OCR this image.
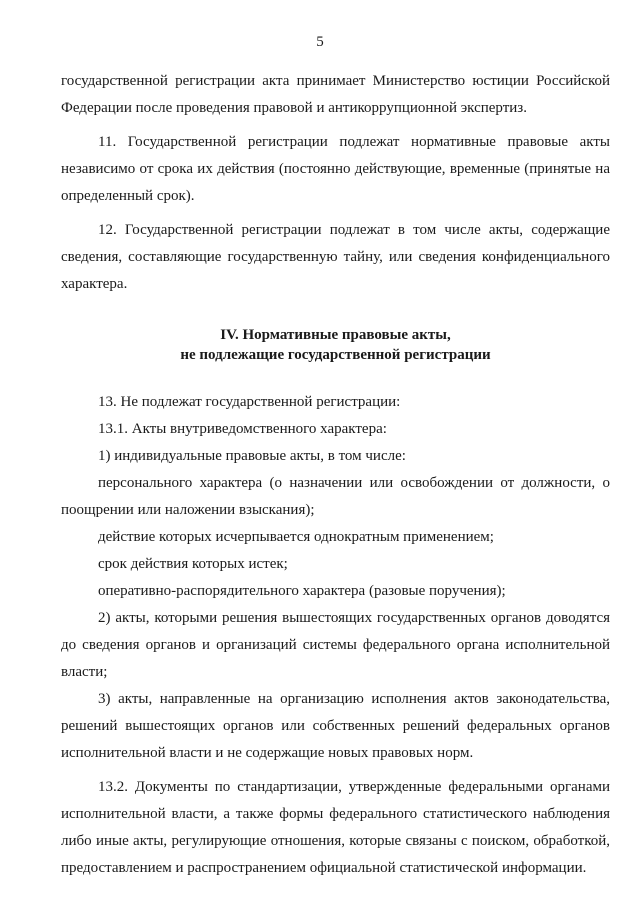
5

государственной регистрации акта принимает Министерство юстиции Российской Федерации после проведения правовой и антикоррупционной экспертиз.

11. Государственной регистрации подлежат нормативные правовые акты независимо от срока их действия (постоянно действующие, временные (принятые на определенный срок).

12. Государственной регистрации подлежат в том числе акты, содержащие сведения, составляющие государственную тайну, или сведения конфиденциального характера.

IV. Нормативные правовые акты,
не подлежащие государственной регистрации

13. Не подлежат государственной регистрации:

13.1. Акты внутриведомственного характера:

1) индивидуальные правовые акты, в том числе:

персонального характера (о назначении или освобождении от должности, о поощрении или наложении взыскания);

действие которых исчерпывается однократным применением;

срок действия которых истек;

оперативно-распорядительного характера (разовые поручения);

2) акты, которыми решения вышестоящих государственных органов доводятся до сведения органов и организаций системы федерального органа исполнительной власти;

3) акты, направленные на организацию исполнения актов законодательства, решений вышестоящих органов или собственных решений федеральных органов исполнительной власти и не содержащие новых правовых норм.

13.2. Документы по стандартизации, утвержденные федеральными органами исполнительной власти, а также формы федерального статистического наблюдения либо иные акты, регулирующие отношения, которые связаны с поиском, обработкой, предоставлением и распространением официальной статистической информации.
